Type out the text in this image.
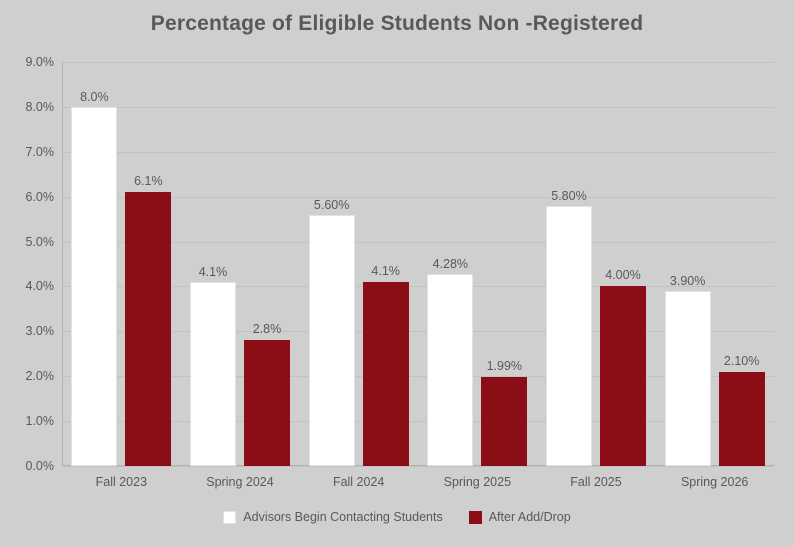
Percentage of Eligible Students Non -Registered
0.0%
1.0%
2.0%
3.0%
4.0%
5.0%
6.0%
7.0%
8.0%
9.0%
8.0%
6.1%
Fall 2023
4.1%
2.8%
Spring 2024
5.60%
4.1%
Fall 2024
4.28%
1.99%
Spring 2025
5.80%
4.00%
Fall 2025
3.90%
2.10%
Spring 2026
Advisors Begin Contacting Students	After Add/Drop
